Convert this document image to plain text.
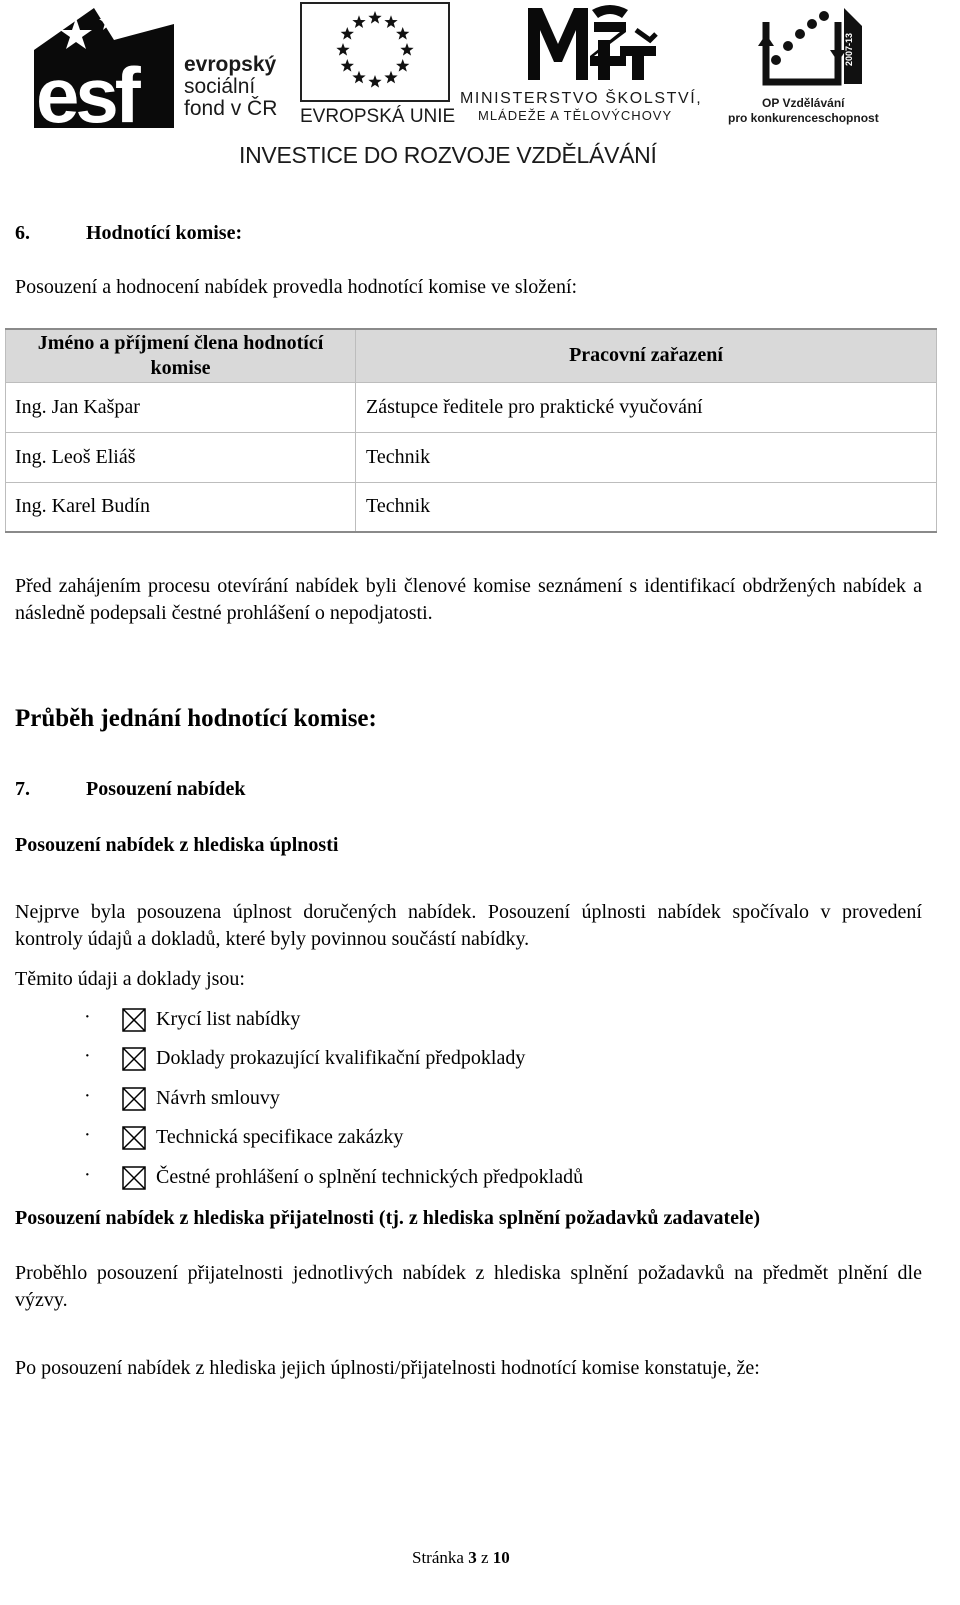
esf evropský
sociální
fond v ČR EVROPSKÁ UNIE
MINISTERSTVO ŠKOLSTVÍ,
MLÁDEŽE A TĚLOVÝCHOVY
2007-13
OP Vzdělávání
pro konkurenceschopnost
INVESTICE DO ROZVOJE VZDĚLÁVÁNÍ
6.	Hodnotící komise:
Posouzení a hodnocení nabídek provedla hodnotící komise ve složení:
Jméno a příjmení člena hodnotící komise	Pracovní zařazení
Ing. Jan Kašpar	Zástupce ředitele pro praktické vyučování
Ing. Leoš Eliáš	Technik
Ing. Karel Budín	Technik
Před zahájením procesu otevírání nabídek byli členové komise seznámení s identifikací obdržených nabídek a následně podepsali čestné prohlášení o nepodjatosti.
Průběh jednání hodnotící komise:
7.	Posouzení nabídek
Posouzení nabídek z hlediska úplnosti
Nejprve byla posouzena úplnost doručených nabídek. Posouzení úplnosti nabídek spočívalo v provedení kontroly údajů a dokladů, které byly povinnou součástí nabídky.
Těmito údaji a doklady jsou:
·	Krycí list nabídky
·	Doklady prokazující kvalifikační předpoklady
·	Návrh smlouvy
·	Technická specifikace zakázky
·	Čestné prohlášení o splnění technických předpokladů
Posouzení nabídek z hlediska přijatelnosti (tj. z hlediska splnění požadavků zadavatele)
Proběhlo posouzení přijatelnosti jednotlivých nabídek z hlediska splnění požadavků na předmět plnění dle výzvy.
Po posouzení nabídek z hlediska jejich úplnosti/přijatelnosti hodnotící komise konstatuje, že:
Stránka 3 z 10
